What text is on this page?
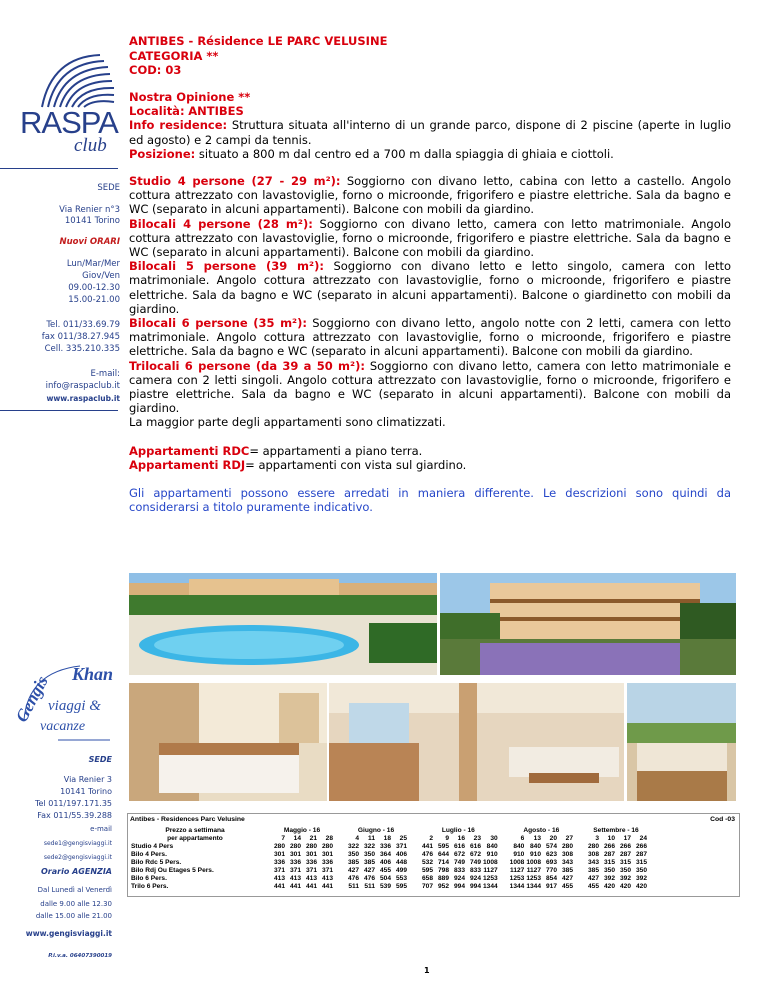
ANTIBES - Résidence LE PARC VELUSINE
CATEGORIA **
COD: 03
RASPA
club
SEDE
Via Renier n°3
10141 Torino
Nuovi ORARI
Lun/Mar/Mer
Giov/Ven
09.00-12.30
15.00-21.00
Tel. 011/33.69.79
fax 011/38.27.945
Cell. 335.210.335
E-mail:
info@raspaclub.it
www.raspaclub.it
Gengis Khan
viaggi &
vacanze
SEDE
Via Renier 3
10141 Torino
Tel 011/197.171.35
Fax 011/55.39.288
e-mail
sede1@gengisviaggi.it
sede2@gengisviaggi.it
Orario AGENZIA
Dal Lunedì al Venerdì
dalle 9.00 alle 12.30
dalle 15.00 alle 21.00
www.gengisviaggi.it
P.i.v.a. 06407390019

Nostra Opinione **

Località: ANTIBES

Info residence: Struttura situata all'interno di un grande parco, dispone di 2 piscine (aperte in luglio ed agosto) e 2 campi da tennis.

Posizione: situato a 800 m dal centro ed a 700 m dalla spiaggia di ghiaia e ciottoli.

Studio 4 persone (27 - 29 m²): Soggiorno con divano letto, cabina con letto a castello. Angolo cottura attrezzato con lavastoviglie, forno o microonde, frigorifero e piastre elettriche. Sala da bagno e WC (separato in alcuni appartamenti). Balcone con mobili da giardino.

Bilocali 4 persone (28 m²): Soggiorno con divano letto, camera con letto matrimoniale. Angolo cottura attrezzato con lavastoviglie, forno o microonde, frigorifero e piastre elettriche. Sala da bagno e WC (separato in alcuni appartamenti). Balcone con mobili da giardino.

Bilocali 5 persone (39 m²): Soggiorno con divano letto e letto singolo, camera con letto matrimoniale. Angolo cottura attrezzato con lavastoviglie, forno o microonde, frigorifero e piastre elettriche. Sala da bagno e WC (separato in alcuni appartamenti). Balcone o giardinetto con mobili da giardino.

Bilocali 6 persone (35 m²): Soggiorno con divano letto, angolo notte con 2 letti, camera con letto matrimoniale. Angolo cottura attrezzato con lavastoviglie, forno o microonde, frigorifero e piastre elettriche. Sala da bagno e WC (separato in alcuni appartamenti). Balcone con mobili da giardino.

Trilocali 6 persone (da 39 a 50 m²): Soggiorno con divano letto, camera con letto matrimoniale e camera con 2 letti singoli. Angolo cottura attrezzato con lavastoviglie, forno o microonde, frigorifero e piastre elettriche. Sala da bagno e WC (separato in alcuni appartamenti). Balcone con mobili da giardino.

La maggior parte degli appartamenti sono climatizzati.

Appartamenti RDC= appartamenti a piano terra.

Appartamenti RDJ= appartamenti con vista sul giardino.

Gli appartamenti possono essere arredati in maniera differente. Le descrizioni sono quindi da considerarsi a titolo puramente indicativo.

Antibes - Residences Parc Velusine	Cod -03
Prezzo a settimana		Maggio - 16					Giugno - 16					Luglio - 16						Agosto - 16					Settembre - 16			
per appartamento		7	14	21	28		4	11	18	25		2	9	16	23	30		6	13	20	27		3	10	17	24
Studio 4 Pers		280	280	280	280		322	322	336	371		441	595	616	616	840		840	840	574	280		280	266	266	266
Bilo 4 Pers.		301	301	301	301		350	350	364	406		476	644	672	672	910		910	910	623	308		308	287	287	287
Bilo Rdc 5 Pers.		336	336	336	336		385	385	406	448		532	714	749	749	1008		1008	1008	693	343		343	315	315	315
Bilo Rdj Ou Etages 5 Pers.		371	371	371	371		427	427	455	499		595	798	833	833	1127		1127	1127	770	385		385	350	350	350
Bilo 6 Pers.		413	413	413	413		476	476	504	553		658	889	924	924	1253		1253	1253	854	427		427	392	392	392
Trilo 6 Pers.		441	441	441	441		511	511	539	595		707	952	994	994	1344		1344	1344	917	455		455	420	420	420
1
